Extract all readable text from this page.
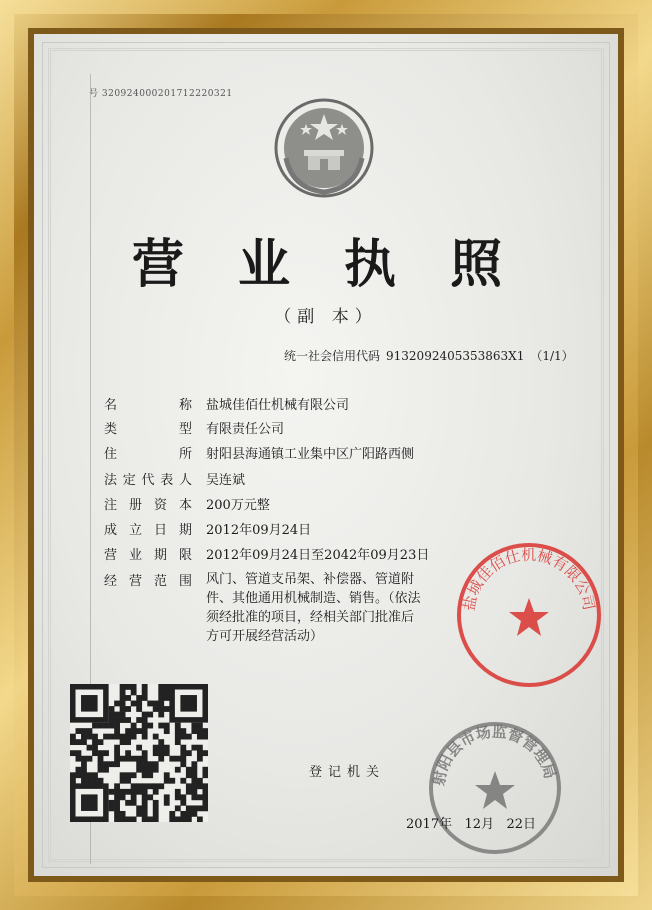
号 3209240002017122203​21
营 业 执 照
（副 本）
统一社会信用代码 91320924053538​63X1 （1/1）
名称 盐城佳佰仕机械有限公司
类型 有限责任公司
住所 射阳县海通镇工业集中区广阳路西侧
法定代表人 吴连斌
注册资本 200万元整
成立日期 2012年09月24日
营业期限 2012年09月24日至2042年09月23日
经营范围	风门、管道支吊架、补偿器、管道附件、其他通用机械制造、销售。（依法须经批准的项目，经相关部门批准后方可开展经营活动）
盐城佳佰仕机械有限公司
射阳县市场监督管理局
登记机关
2017年 12月 22日
